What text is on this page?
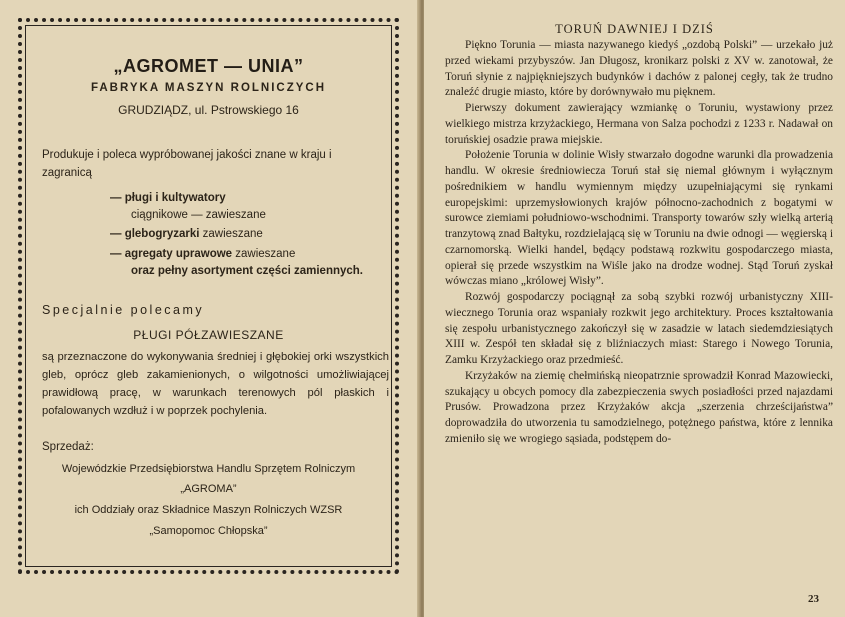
„AGROMET — UNIA”
FABRYKA MASZYN ROLNICZYCH
GRUDZIĄDZ, ul. Pstrowskiego 16
Produkuje i poleca wypróbowanej jakości znane w kraju i zagranicą
— pługi i kultywatory
ciągnikowe — zawieszane
— glebogryzarki zawieszane
— agregaty uprawowe zawieszane
oraz pełny asortyment części zamiennych.
Specjalnie polecamy
PŁUGI PÓŁZAWIESZANE
są przeznaczone do wykonywania średniej i głębokiej orki wszystkich gleb, oprócz gleb zakamienionych, o wilgotności umożliwiającej prawidłową pracę, w warunkach terenowych pól płaskich i pofalowanych wzdłuż i w poprzek pochylenia.
Sprzedaż:
Wojewódzkie Przedsiębiorstwa Handlu Sprzętem Rolniczym
„AGROMA”
ich Oddziały oraz Składnice Maszyn Rolniczych WZSR
„Samopomoc Chłopska”
TORUŃ DAWNIEJ I DZIŚ

Piękno Torunia — miasta nazywanego kiedyś „ozdobą Polski” — urzekało już przed wiekami przybyszów. Jan Długosz, kronikarz polski z XV w. zanotował, że Toruń słynie z najpiękniejszych budynków i dachów z palonej cegły, tak że trudno znaleźć drugie miasto, które by dorównywało mu pięknem.

Pierwszy dokument zawierający wzmiankę o Toruniu, wystawiony przez wielkiego mistrza krzyżackiego, Hermana von Salza pochodzi z 1233 r. Nadawał on toruńskiej osadzie prawa miejskie.

Położenie Torunia w dolinie Wisły stwarzało dogodne warunki dla prowadzenia handlu. W okresie średniowiecza Toruń stał się niemal głównym i wyłącznym pośrednikiem w handlu wymiennym między uzupełniającymi się rynkami europejskimi: uprzemysłowionych krajów północno-zachodnich z bogatymi w surowce ziemiami południowo-wschodnimi. Transporty towarów szły wielką arterią tranzytową znad Bałtyku, rozdzielającą się w Toruniu na dwie odnogi — węgierską i czarnomorską. Wielki handel, będący podstawą rozkwitu gospodarczego miasta, opierał się przede wszystkim na Wiśle jako na drodze wodnej. Stąd Toruń zyskał wówczas miano „królowej Wisły”.

Rozwój gospodarczy pociągnął za sobą szybki rozwój urbanistyczny XIII-wiecznego Torunia oraz wspaniały rozkwit jego architektury. Proces kształtowania się zespołu urbanistycznego zakończył się w zasadzie w latach siedemdziesiątych XIII w. Zespół ten składał się z bliźniaczych miast: Starego i Nowego Torunia, Zamku Krzyżackiego oraz przedmieść.

Krzyżaków na ziemię chełmińską nieopatrznie sprowadził Konrad Mazowiecki, szukający u obcych pomocy dla zabezpieczenia swych posiadłości przed najazdami Prusów. Prowadzona przez Krzyżaków akcja „szerzenia chrześcijaństwa” doprowadziła do utworzenia tu samodzielnego, potężnego państwa, które z lennika zmieniło się we wrogiego sąsiada, podstępem do-

23
